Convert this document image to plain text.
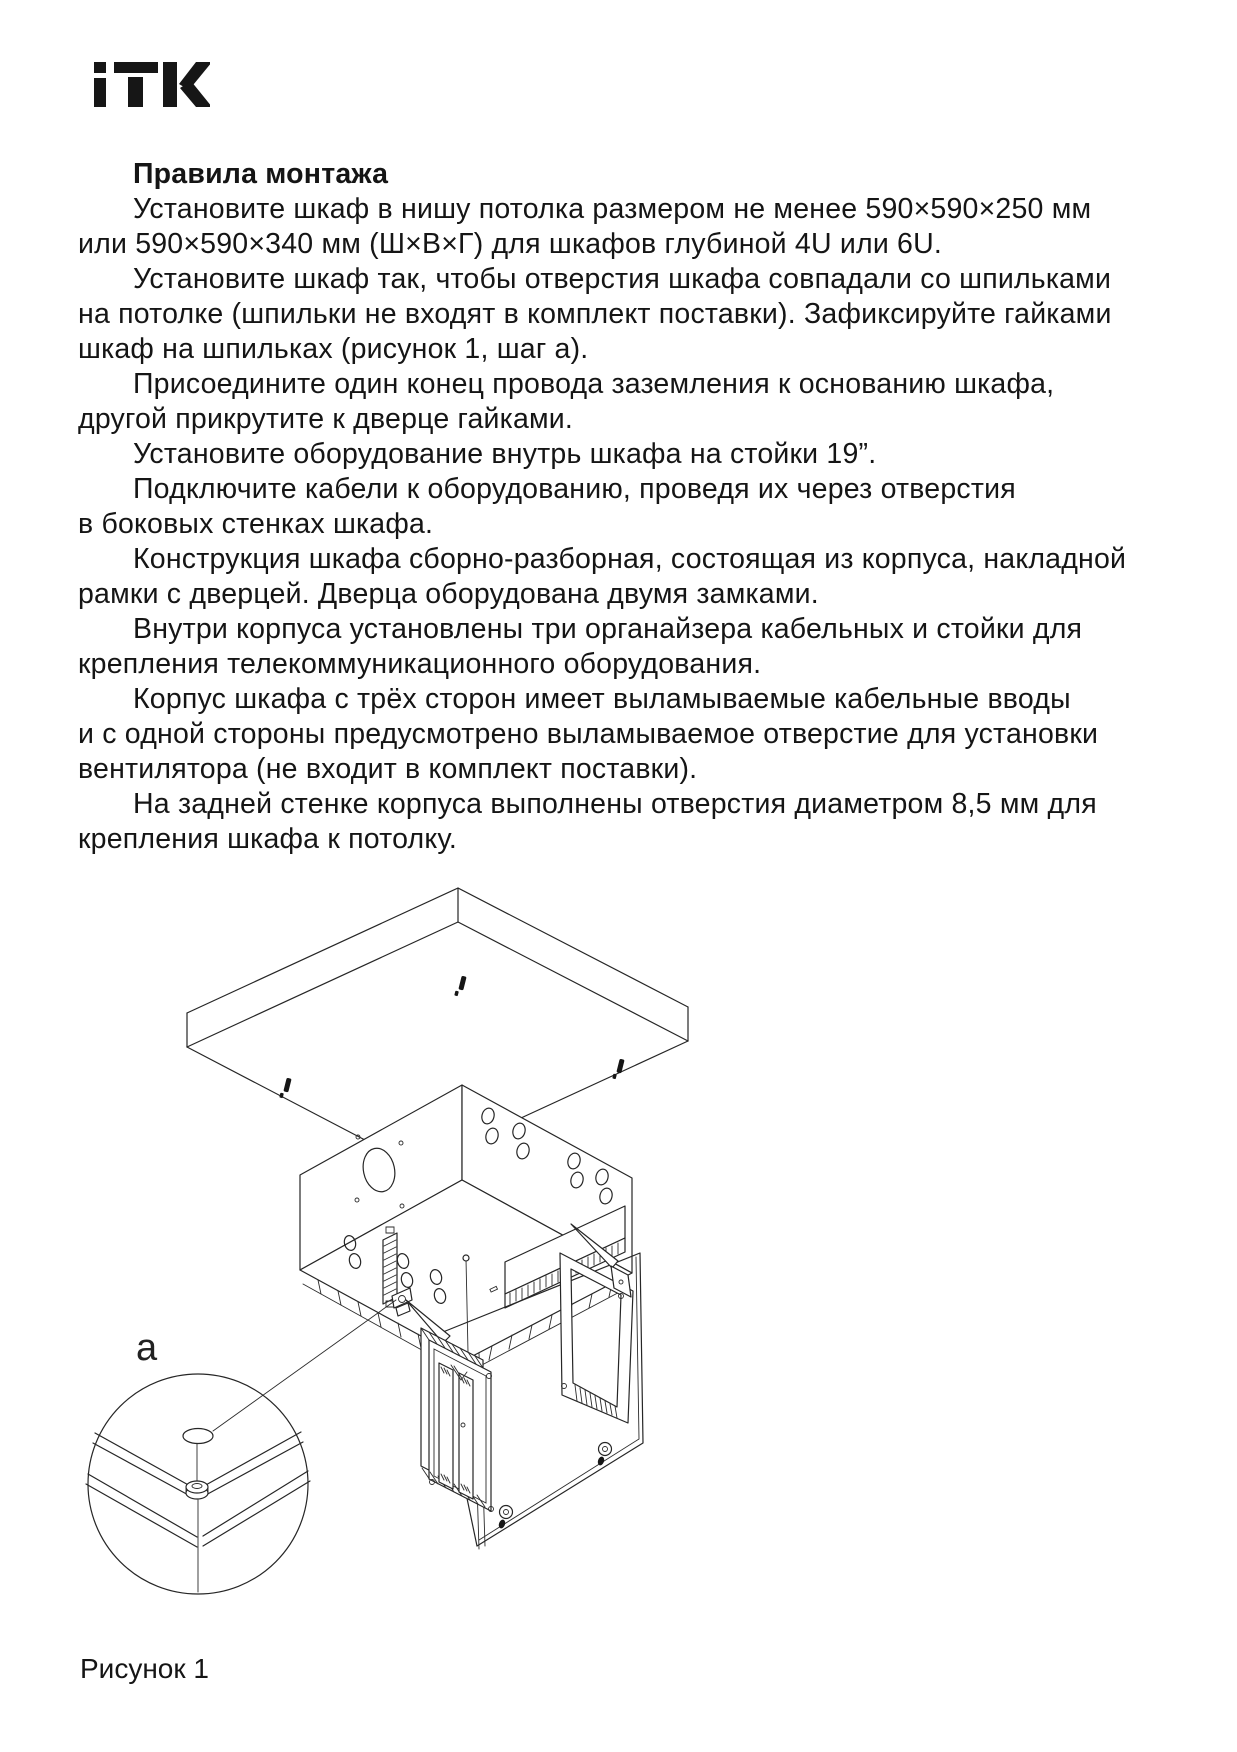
Правила монтажа
Установите шкаф в нишу потолка размером не менее 590×590×250 мм
или 590×590×340 мм (Ш×В×Г) для шкафов глубиной 4U или 6U.
Установите шкаф так, чтобы отверстия шкафа совпадали со шпильками
на потолке (шпильки не входят в комплект поставки). Зафиксируйте гайками
шкаф на шпильках (рисунок 1, шаг а).
Присоедините один конец провода заземления к основанию шкафа,
другой прикрутите к дверце гайками.
Установите оборудование внутрь шкафа на стойки 19”.
Подключите кабели к оборудованию, проведя их через отверстия
в боковых стенках шкафа.
Конструкция шкафа сборно-разборная, состоящая из корпуса, накладной
рамки с дверцей. Дверца оборудована двумя замками.
Внутри корпуса установлены три органайзера кабельных и стойки для
крепления телекоммуникационного оборудования.
Корпус шкафа с трёх сторон имеет выламываемые кабельные вводы
и с одной стороны предусмотрено выламываемое отверстие для установки
вентилятора (не входит в комплект поставки).
На задней стенке корпуса выполнены отверстия диаметром 8,5 мм для
крепления шкафа к потолку.
а
Рисунок 1
